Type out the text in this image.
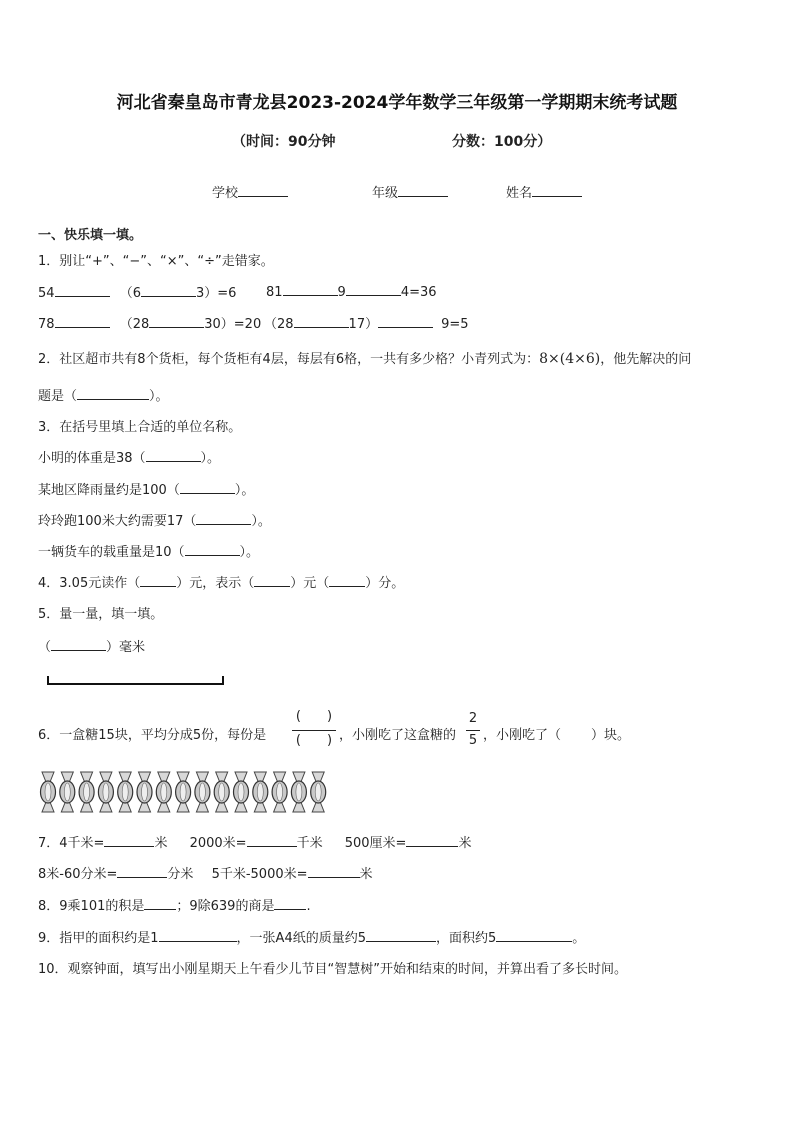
河北省秦皇岛市青龙县2023-2024学年数学三年级第一学期期末统考试题
（时间：90分钟	分数：100分）
学校	年级	姓名
一、快乐填一填。
1．别让“+”、“−”、“×”、“÷”走错家。
54	（6	3）=6 81	9	4=36
78	（28	30）=20 （28	17）	9=5
2．社区超市共有8个货柜，每个货柜有4层，每层有6格，一共有多少格？小青列式为：8×(4×6)，他先解决的问
题是（	）。
3．在括号里填上合适的单位名称。
小明的体重是38（	）。
某地区降雨量约是100（	）。
玲玲跑100米大约需要17（	）。
一辆货车的载重量是10（	）。
4．3.05元读作（	）元，表示（	）元（	）分。
5．量一量，填一填。
（	）毫米
6．一盒糖15块，平均分成5份，每份是
( )
( ) ，小刚吃了这盒糖的
2
5 ，小刚吃了（ ）块。
7．4千米=	米 2000米=	千米 500厘米=	米
8米-60分米=	分米 5千米-5000米=	米
8．9乘101的积是 ；9除639的商是 .
9．指甲的面积约是1	，一张A4纸的质量约5	，面积约5	。
10．观察钟面，填写出小刚星期天上午看少儿节目“智慧树”开始和结束的时间，并算出看了多长时间。
